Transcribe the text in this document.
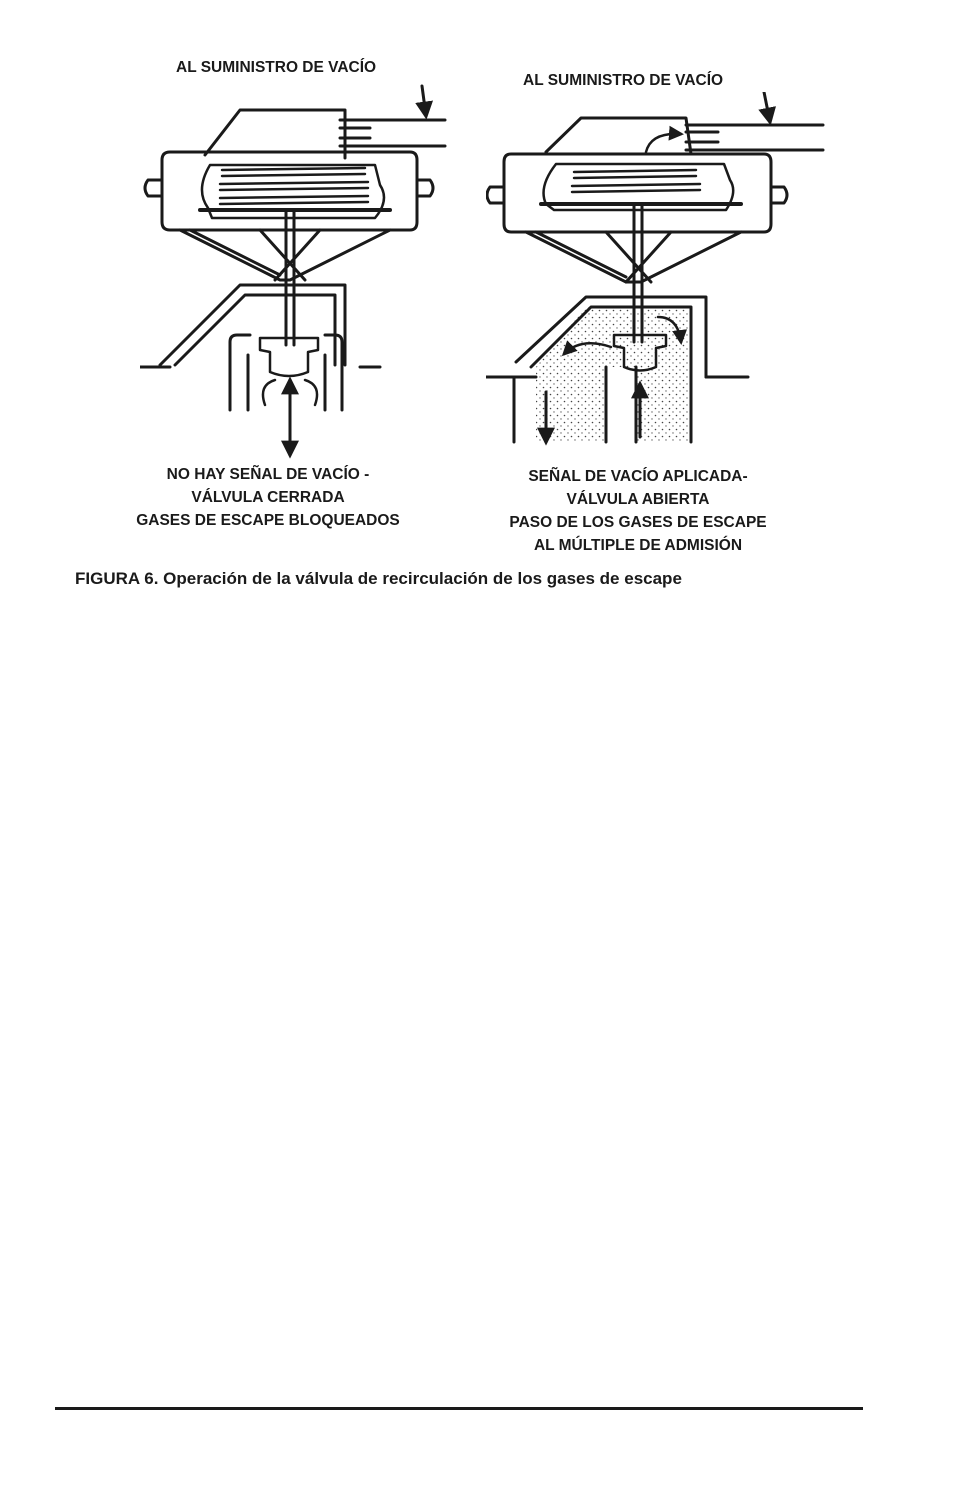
AL SUMINISTRO DE VACÍO
NO HAY SEÑAL DE VACÍO -
VÁLVULA CERRADA
GASES DE ESCAPE BLOQUEADOS
AL SUMINISTRO DE VACÍO
SEÑAL DE VACÍO APLICADA-
VÁLVULA ABIERTA
PASO DE LOS GASES DE ESCAPE
AL MÚLTIPLE DE ADMISIÓN
FIGURA 6. Operación de la válvula de recirculación de los gases de escape
